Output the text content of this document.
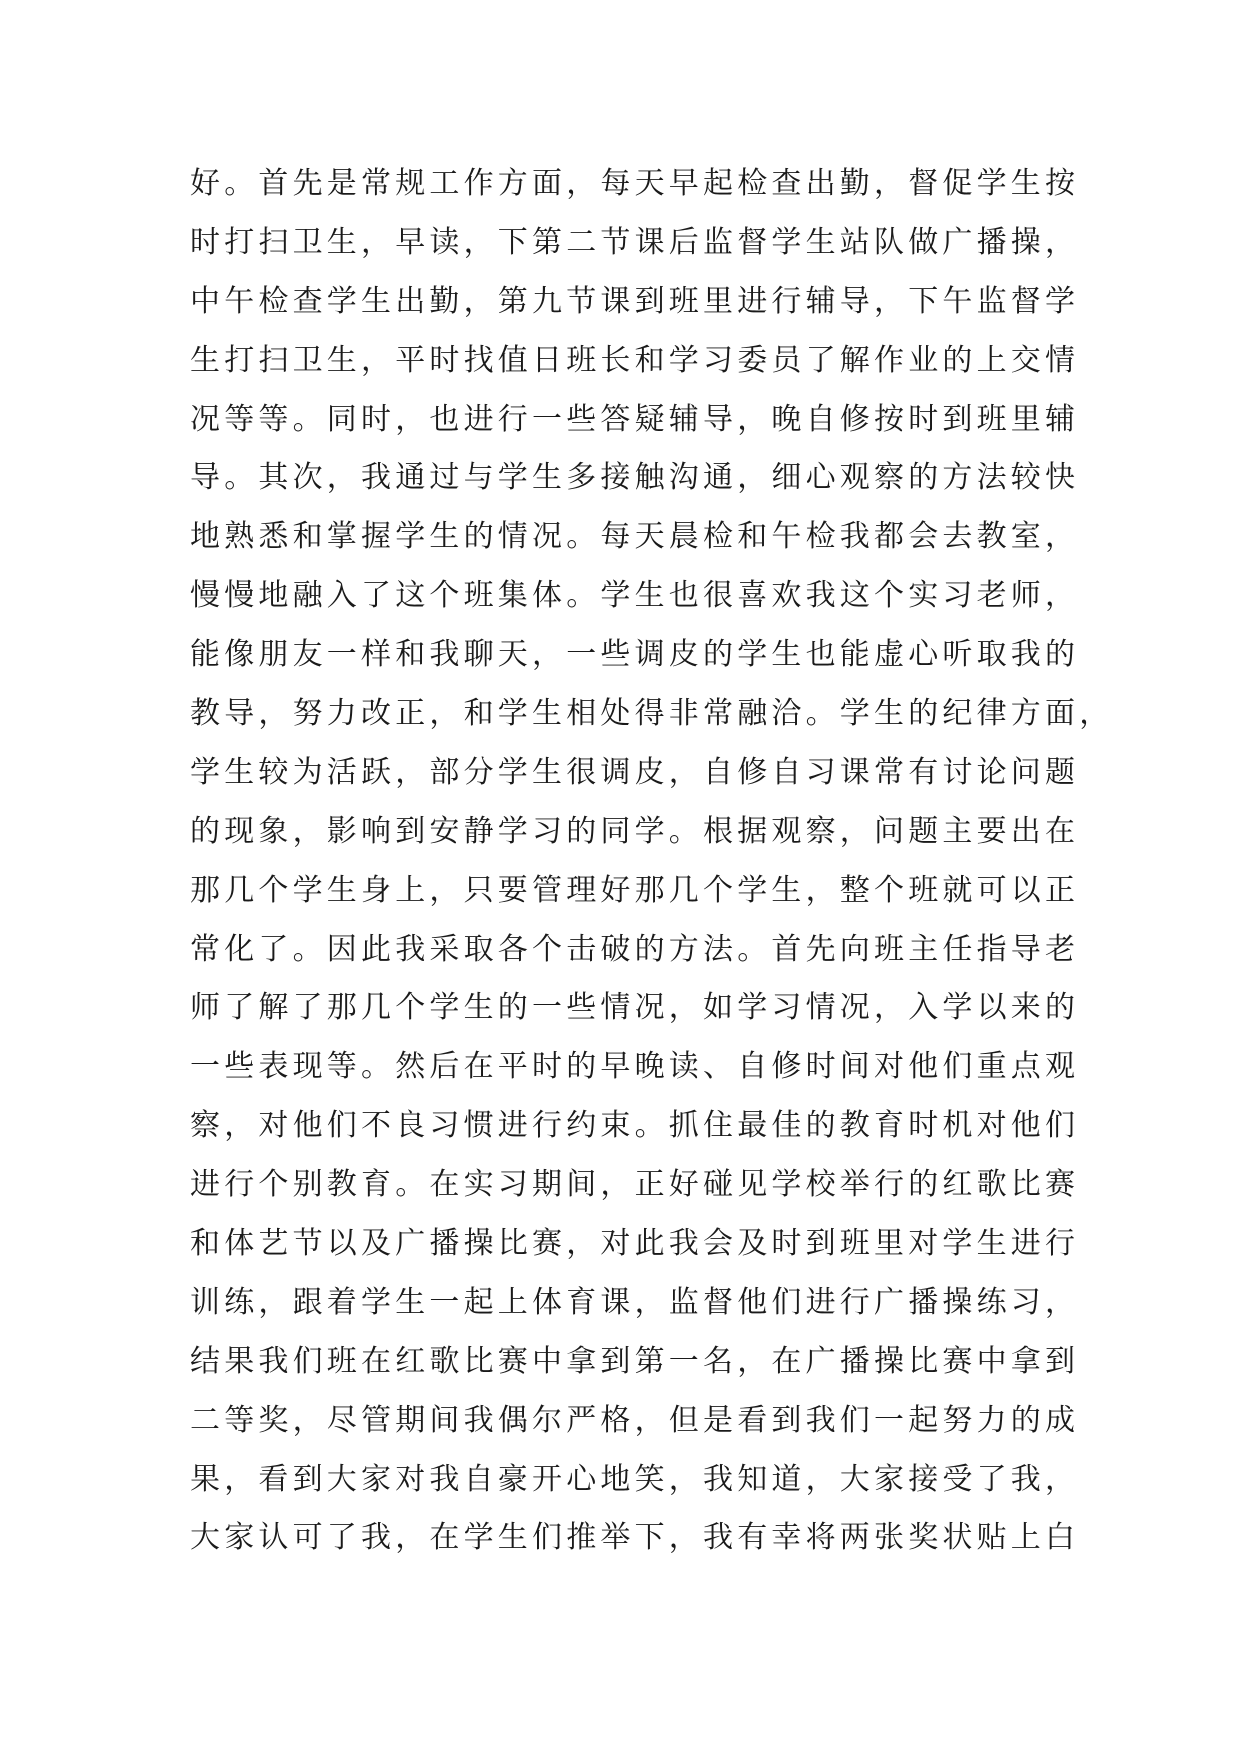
好。首先是常规工作方面，每天早起检查出勤，督促学生按
时打扫卫生，早读，下第二节课后监督学生站队做广播操，
中午检查学生出勤，第九节课到班里进行辅导，下午监督学
生打扫卫生，平时找值日班长和学习委员了解作业的上交情
况等等。同时，也进行一些答疑辅导，晚自修按时到班里辅
导。其次，我通过与学生多接触沟通，细心观察的方法较快
地熟悉和掌握学生的情况。每天晨检和午检我都会去教室，
慢慢地融入了这个班集体。学生也很喜欢我这个实习老师，
能像朋友一样和我聊天，一些调皮的学生也能虚心听取我的
教导，努力改正，和学生相处得非常融洽。学生的纪律方面，
学生较为活跃，部分学生很调皮，自修自习课常有讨论问题
的现象，影响到安静学习的同学。根据观察，问题主要出在
那几个学生身上，只要管理好那几个学生，整个班就可以正
常化了。因此我采取各个击破的方法。首先向班主任指导老
师了解了那几个学生的一些情况，如学习情况，入学以来的
一些表现等。然后在平时的早晚读、自修时间对他们重点观
察，对他们不良习惯进行约束。抓住最佳的教育时机对他们
进行个别教育。在实习期间，正好碰见学校举行的红歌比赛
和体艺节以及广播操比赛，对此我会及时到班里对学生进行
训练，跟着学生一起上体育课，监督他们进行广播操练习，
结果我们班在红歌比赛中拿到第一名，在广播操比赛中拿到
二等奖，尽管期间我偶尔严格，但是看到我们一起努力的成
果，看到大家对我自豪开心地笑，我知道，大家接受了我，
大家认可了我，在学生们推举下，我有幸将两张奖状贴上白
